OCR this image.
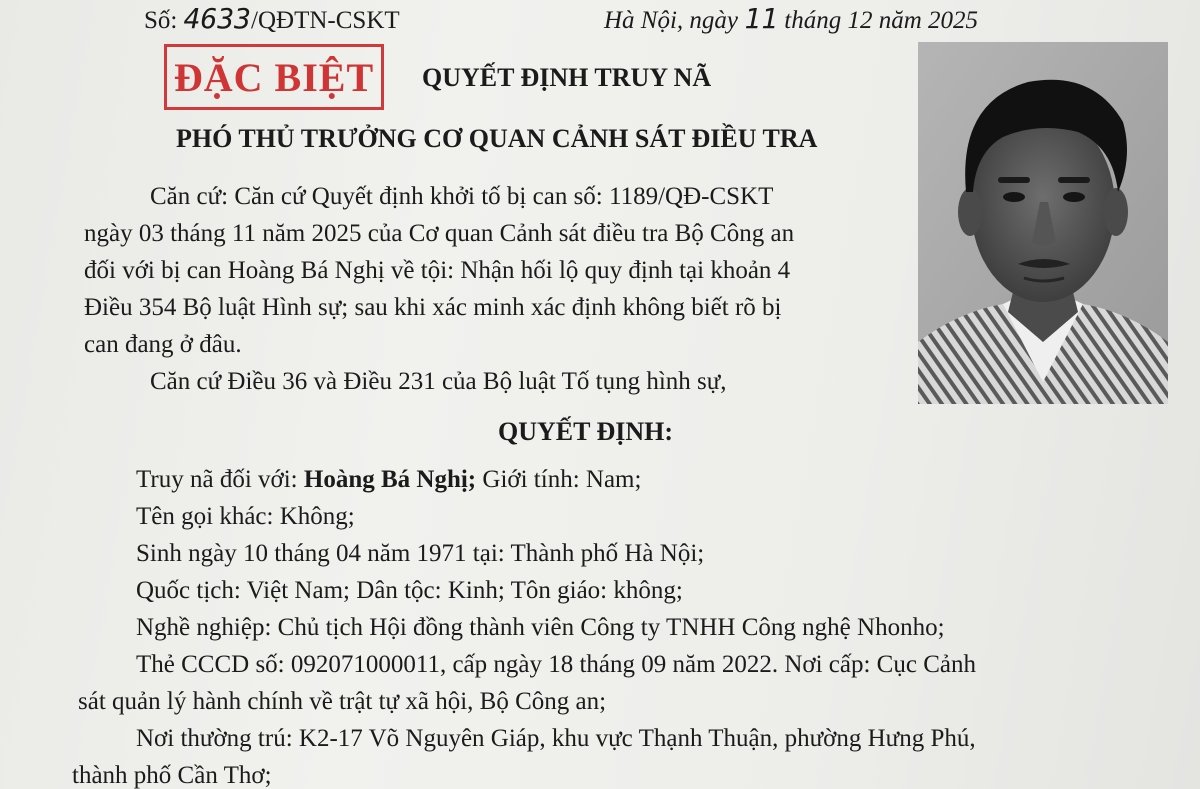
Số: 4633/QĐTN-CSKT	Hà Nội, ngày 11 tháng 12 năm 2025
ĐẶC BIỆT QUYẾT ĐỊNH TRUY NÃ
PHÓ THỦ TRƯỞNG CƠ QUAN CẢNH SÁT ĐIỀU TRA
Căn cứ: Căn cứ Quyết định khởi tố bị can số: 1189/QĐ-CSKT
ngày 03 tháng 11 năm 2025 của Cơ quan Cảnh sát điều tra Bộ Công an
đối với bị can Hoàng Bá Nghị về tội: Nhận hối lộ quy định tại khoản 4
Điều 354 Bộ luật Hình sự; sau khi xác minh xác định không biết rõ bị
can đang ở đâu.
Căn cứ Điều 36 và Điều 231 của Bộ luật Tố tụng hình sự,
QUYẾT ĐỊNH:
Truy nã đối với: Hoàng Bá Nghị; Giới tính: Nam;
Tên gọi khác: Không;
Sinh ngày 10 tháng 04 năm 1971 tại: Thành phố Hà Nội;
Quốc tịch: Việt Nam; Dân tộc: Kinh; Tôn giáo: không;
Nghề nghiệp: Chủ tịch Hội đồng thành viên Công ty TNHH Công nghệ Nhonho;
Thẻ CCCD số: 092071000011, cấp ngày 18 tháng 09 năm 2022. Nơi cấp: Cục Cảnh
sát quản lý hành chính về trật tự xã hội, Bộ Công an;
Nơi thường trú: K2-17 Võ Nguyên Giáp, khu vực Thạnh Thuận, phường Hưng Phú,
thành phố Cần Thơ;
